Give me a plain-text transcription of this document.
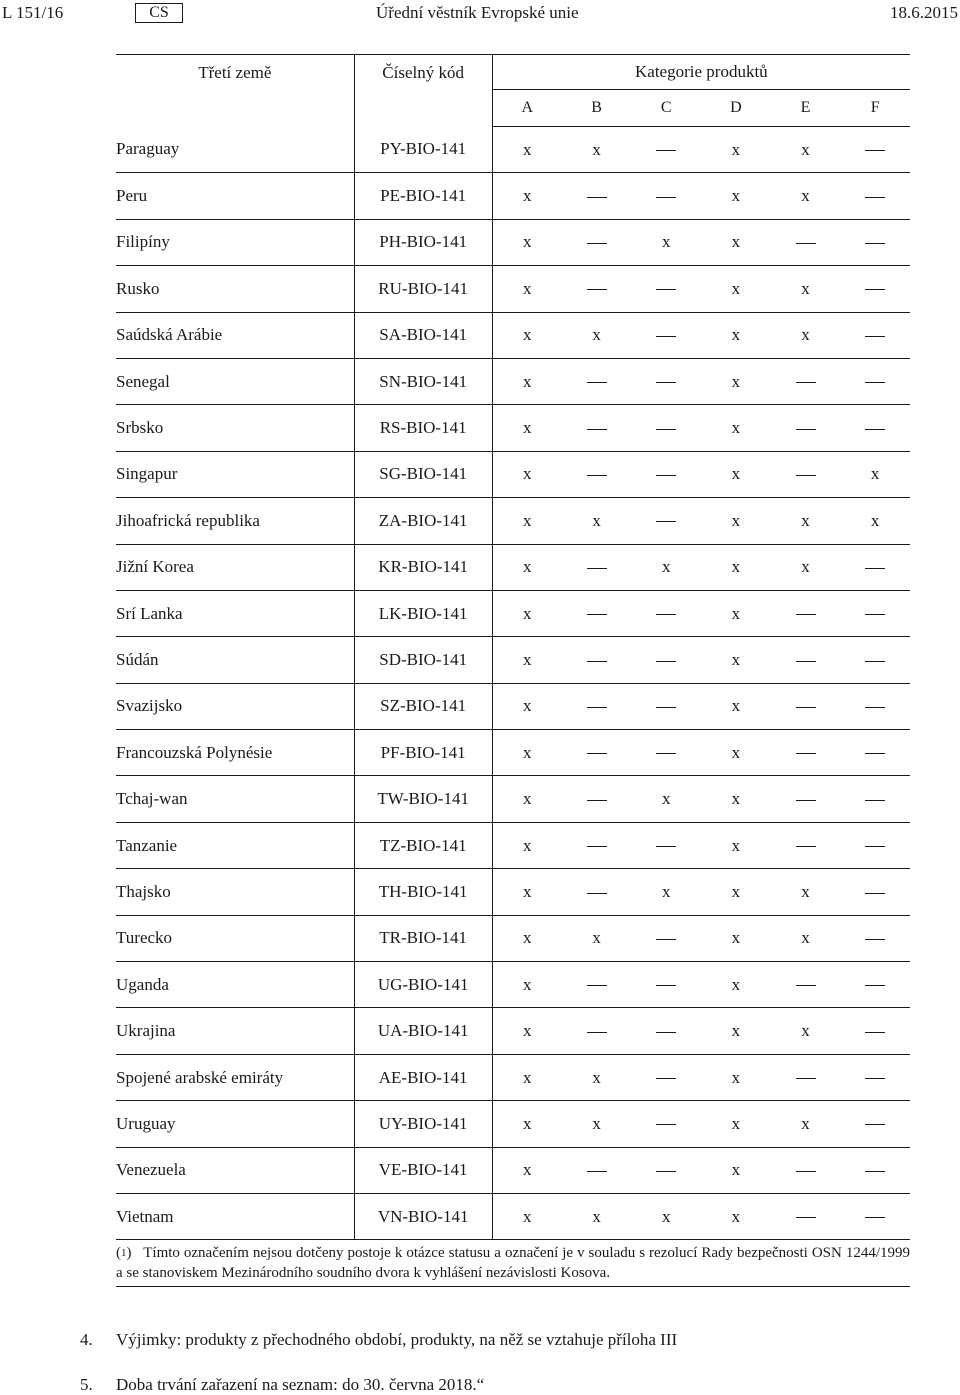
L 151/16	CS	Úřední věstník Evropské unie	18.6.2015
Třetí země	Číselný kód	Kategorie produktů					
		A	B	C	D	E	F
Paraguay	PY-BIO-141	x	x		x	x	
Peru	PE-BIO-141	x			x	x	
Filipíny	PH-BIO-141	x		x	x		
Rusko	RU-BIO-141	x			x	x	
Saúdská Arábie	SA-BIO-141	x	x		x	x	
Senegal	SN-BIO-141	x			x		
Srbsko	RS-BIO-141	x			x		
Singapur	SG-BIO-141	x			x		x
Jihoafrická republika	ZA-BIO-141	x	x		x	x	x
Jižní Korea	KR-BIO-141	x		x	x	x	
Srí Lanka	LK-BIO-141	x			x		
Súdán	SD-BIO-141	x			x		
Svazijsko	SZ-BIO-141	x			x		
Francouzská Polynésie	PF-BIO-141	x			x		
Tchaj-wan	TW-BIO-141	x		x	x		
Tanzanie	TZ-BIO-141	x			x		
Thajsko	TH-BIO-141	x		x	x	x	
Turecko	TR-BIO-141	x	x		x	x	
Uganda	UG-BIO-141	x			x		
Ukrajina	UA-BIO-141	x			x	x	
Spojené arabské emiráty	AE-BIO-141	x	x		x		
Uruguay	UY-BIO-141	x	x		x	x	
Venezuela	VE-BIO-141	x			x		
Vietnam	VN-BIO-141	x	x	x	x		
($^1$) Tímto označením nejsou dotčeny postoje k otázce statusu a označení je v souladu s rezolucí Rady bezpečnosti OSN 1244/1999 a se stanoviskem Mezinárodního soudního dvora k vyhlášení nezávislosti Kosova.
4. Výjimky: produkty z přechodného období, produkty, na něž se vztahuje příloha III
5. Doba trvání zařazení na seznam: do 30. června 2018.“
